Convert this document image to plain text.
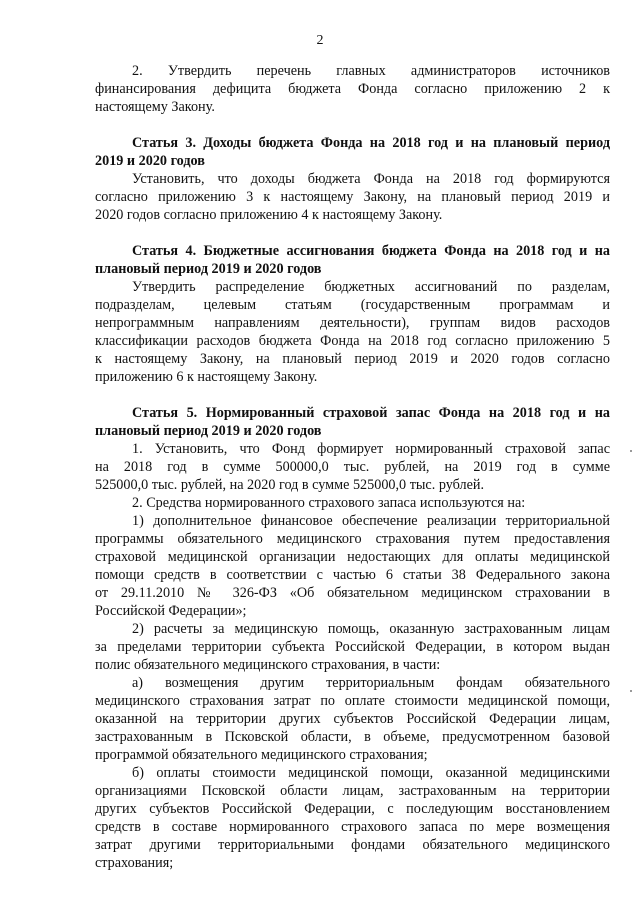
2
2. Утвердить перечень главных администраторов источников
финансирования дефицита бюджета Фонда согласно приложению 2 к
настоящему Закону.
Статья 3. Доходы бюджета Фонда на 2018 год и на плановый период
2019 и 2020 годов
Установить, что доходы бюджета Фонда на 2018 год формируются
согласно приложению 3 к настоящему Закону, на плановый период 2019 и
2020 годов согласно приложению 4 к настоящему Закону.
Статья 4. Бюджетные ассигнования бюджета Фонда на 2018 год и на
плановый период 2019 и 2020 годов
Утвердить распределение бюджетных ассигнований по разделам,
подразделам, целевым статьям (государственным программам и
непрограммным направлениям деятельности), группам видов расходов
классификации расходов бюджета Фонда на 2018 год согласно приложению 5
к настоящему Закону, на плановый период 2019 и 2020 годов согласно
приложению 6 к настоящему Закону.
Статья 5. Нормированный страховой запас Фонда на 2018 год и на
плановый период 2019 и 2020 годов
1. Установить, что Фонд формирует нормированный страховой запас
на 2018 год в сумме 500000,0 тыс. рублей, на 2019 год в сумме
525000,0 тыс. рублей, на 2020 год в сумме 525000,0 тыс. рублей.
2. Средства нормированного страхового запаса используются на:
1) дополнительное финансовое обеспечение реализации территориальной
программы обязательного медицинского страхования путем предоставления
страховой медицинской организации недостающих для оплаты медицинской
помощи средств в соответствии с частью 6 статьи 38 Федерального закона
от 29.11.2010 № 326-ФЗ «Об обязательном медицинском страховании в
Российской Федерации»;
2) расчеты за медицинскую помощь, оказанную застрахованным лицам
за пределами территории субъекта Российской Федерации, в котором выдан
полис обязательного медицинского страхования, в части:
а) возмещения другим территориальным фондам обязательного
медицинского страхования затрат по оплате стоимости медицинской помощи,
оказанной на территории других субъектов Российской Федерации лицам,
застрахованным в Псковской области, в объеме, предусмотренном базовой
программой обязательного медицинского страхования;
б) оплаты стоимости медицинской помощи, оказанной медицинскими
организациями Псковской области лицам, застрахованным на территории
других субъектов Российской Федерации, с последующим восстановлением
средств в составе нормированного страхового запаса по мере возмещения
затрат другими территориальными фондами обязательного медицинского
страхования;
